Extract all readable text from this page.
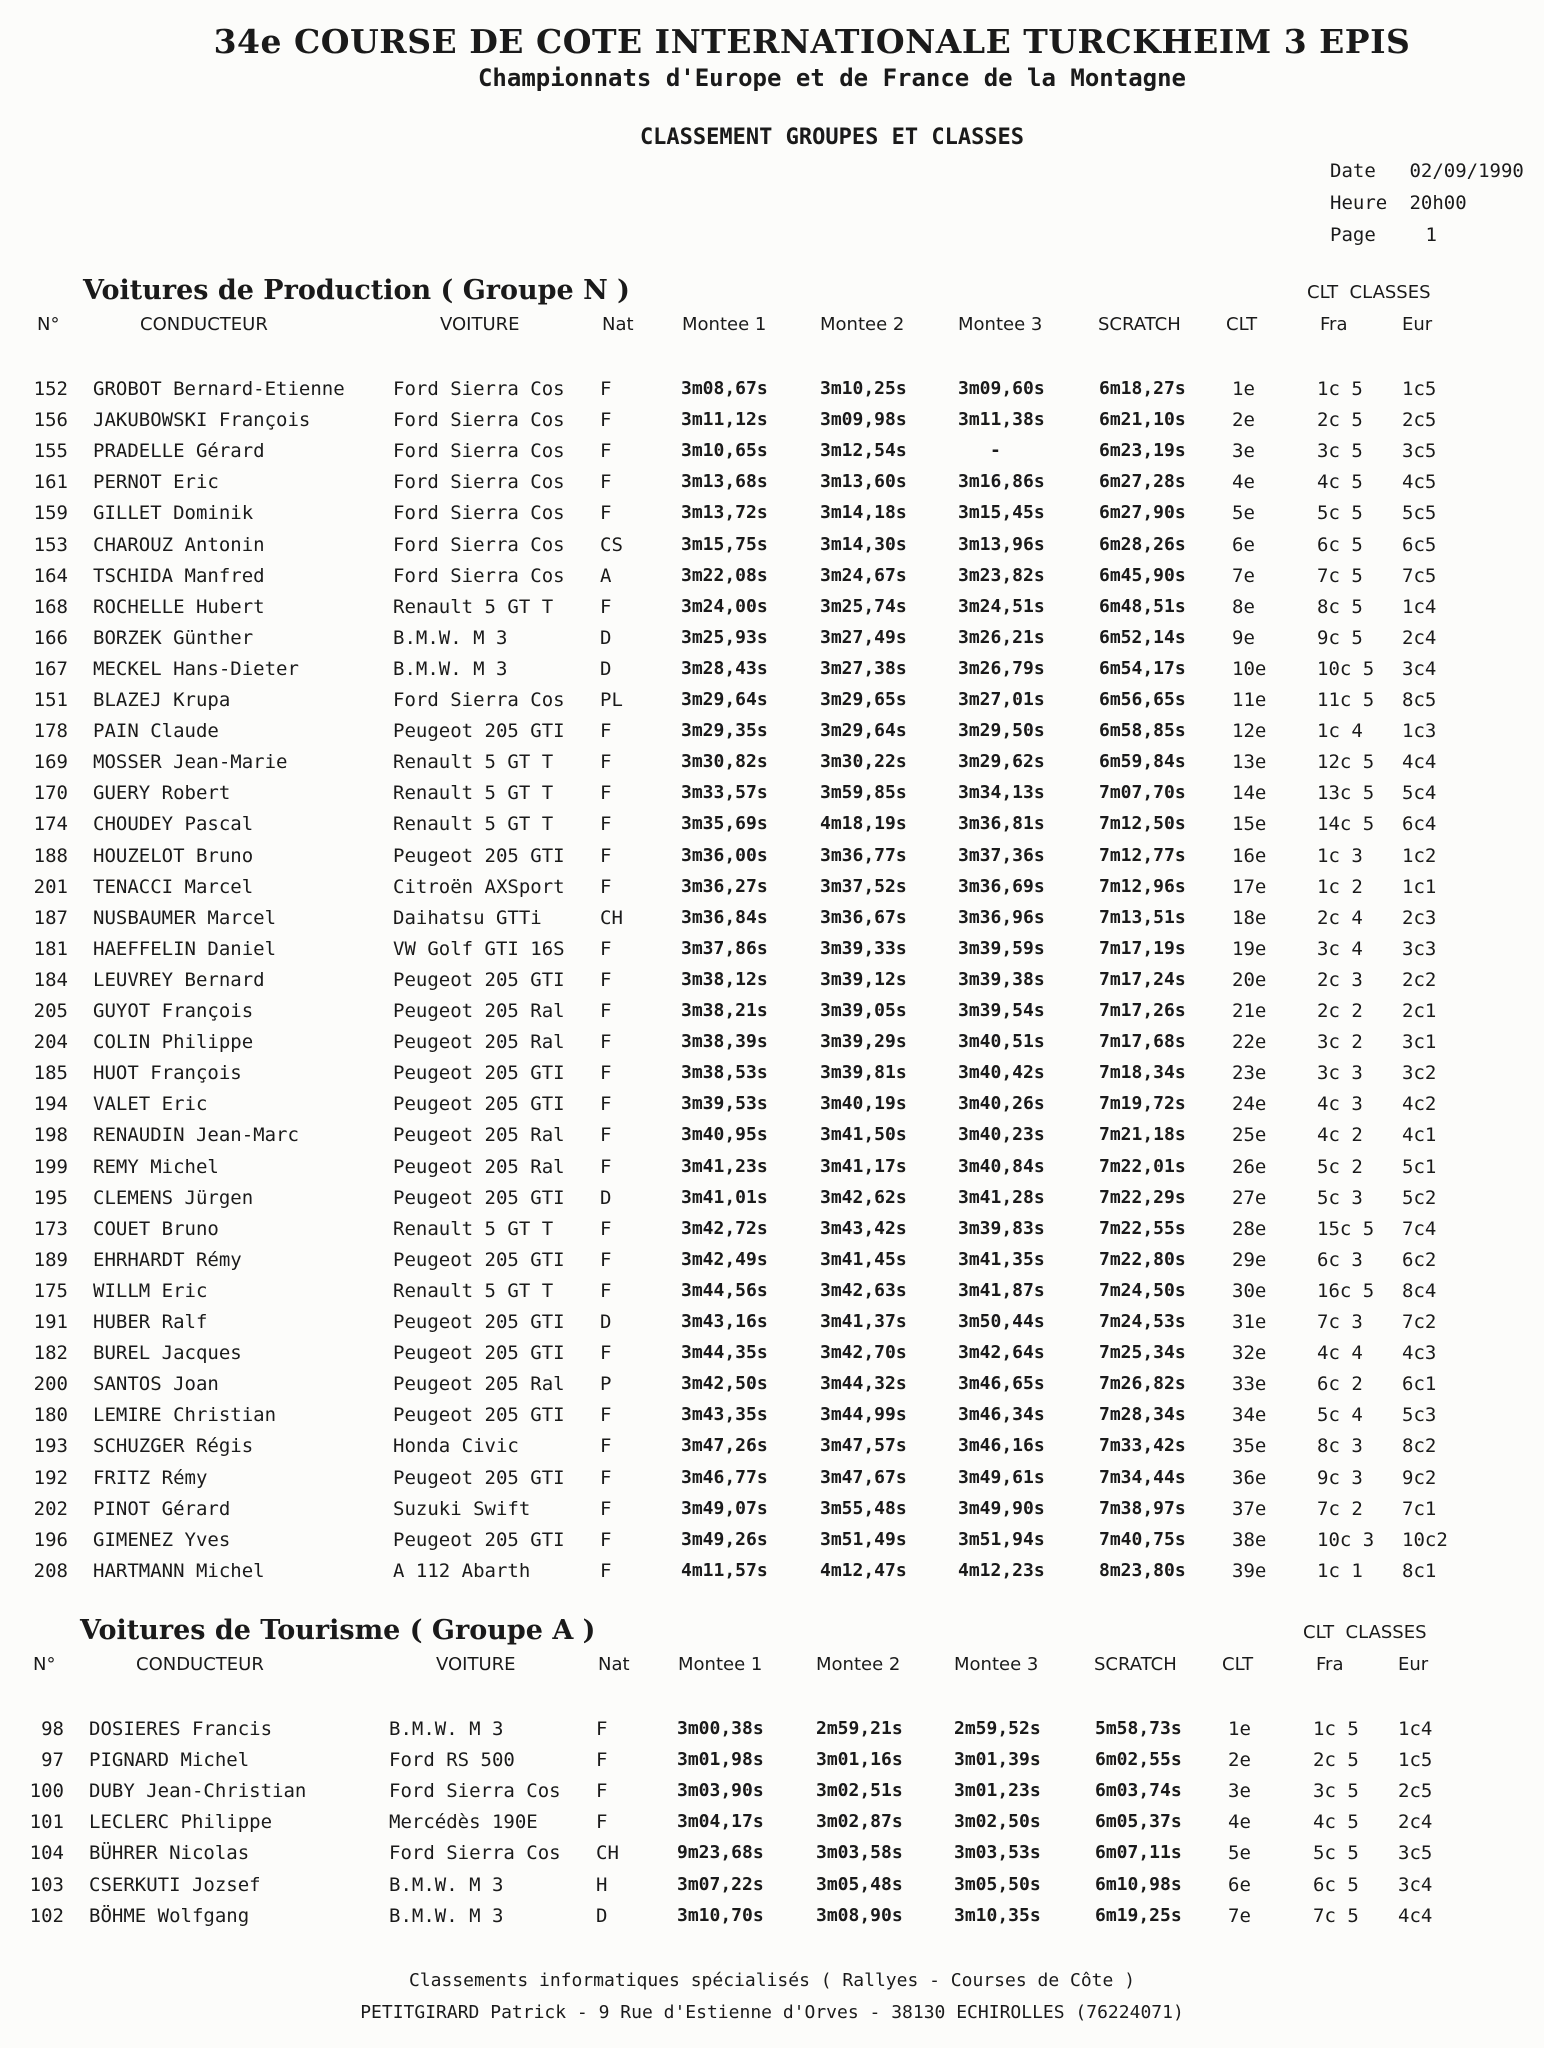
34e COURSE DE COTE INTERNATIONALE TURCKHEIM 3 EPIS
Championnats d'Europe et de France de la Montagne
CLASSEMENT GROUPES ET CLASSES
Date 02/09/1990
Heure 20h00
Page	1
Voitures de Production ( Groupe N )	CLT  CLASSES
N°	CONDUCTEUR	VOITURE	Nat	Montee 1	Montee 2	Montee 3	SCRATCH	CLT	Fra	Eur
152 GROBOT Bernard-Etienne	Ford Sierra Cos F	3m08,67s	3m10,25s	3m09,60s	6m18,27s 1e	1c 5 1c5
156 JAKUBOWSKI François	Ford Sierra Cos F	3m11,12s	3m09,98s	3m11,38s	6m21,10s 2e	2c 5 2c5
155 PRADELLE Gérard	Ford Sierra Cos F	3m10,65s	3m12,54s	-	6m23,19s 3e	3c 5 3c5
161 PERNOT Eric	Ford Sierra Cos F	3m13,68s	3m13,60s	3m16,86s	6m27,28s 4e	4c 5 4c5
159 GILLET Dominik	Ford Sierra Cos F	3m13,72s	3m14,18s	3m15,45s	6m27,90s 5e	5c 5 5c5
153 CHAROUZ Antonin	Ford Sierra Cos CS	3m15,75s	3m14,30s	3m13,96s	6m28,26s 6e	6c 5 6c5
164 TSCHIDA Manfred	Ford Sierra Cos A	3m22,08s	3m24,67s	3m23,82s	6m45,90s 7e	7c 5 7c5
168 ROCHELLE Hubert	Renault 5 GT T F	3m24,00s	3m25,74s	3m24,51s	6m48,51s 8e	8c 5 1c4
166 BORZEK Günther	B.M.W. M 3	D	3m25,93s	3m27,49s	3m26,21s	6m52,14s 9e	9c 5 2c4
167 MECKEL Hans-Dieter	B.M.W. M 3	D	3m28,43s	3m27,38s	3m26,79s	6m54,17s 10e	10c 5 3c4
151 BLAZEJ Krupa	Ford Sierra Cos PL	3m29,64s	3m29,65s	3m27,01s	6m56,65s 11e	11c 5 8c5
178 PAIN Claude	Peugeot 205 GTI F	3m29,35s	3m29,64s	3m29,50s	6m58,85s 12e	1c 4 1c3
169 MOSSER Jean-Marie	Renault 5 GT T F	3m30,82s	3m30,22s	3m29,62s	6m59,84s 13e	12c 5 4c4
170 GUERY Robert	Renault 5 GT T F	3m33,57s	3m59,85s	3m34,13s	7m07,70s 14e	13c 5 5c4
174 CHOUDEY Pascal	Renault 5 GT T F	3m35,69s	4m18,19s	3m36,81s	7m12,50s 15e	14c 5 6c4
188 HOUZELOT Bruno	Peugeot 205 GTI F	3m36,00s	3m36,77s	3m37,36s	7m12,77s 16e	1c 3 1c2
201 TENACCI Marcel	Citroën AXSport F	3m36,27s	3m37,52s	3m36,69s	7m12,96s 17e	1c 2 1c1
187 NUSBAUMER Marcel	Daihatsu GTTi	CH	3m36,84s	3m36,67s	3m36,96s	7m13,51s 18e	2c 4 2c3
181 HAEFFELIN Daniel	VW Golf GTI 16S F	3m37,86s	3m39,33s	3m39,59s	7m17,19s 19e	3c 4 3c3
184 LEUVREY Bernard	Peugeot 205 GTI F	3m38,12s	3m39,12s	3m39,38s	7m17,24s 20e	2c 3 2c2
205 GUYOT François	Peugeot 205 Ral F	3m38,21s	3m39,05s	3m39,54s	7m17,26s 21e	2c 2 2c1
204 COLIN Philippe	Peugeot 205 Ral F	3m38,39s	3m39,29s	3m40,51s	7m17,68s 22e	3c 2 3c1
185 HUOT François	Peugeot 205 GTI F	3m38,53s	3m39,81s	3m40,42s	7m18,34s 23e	3c 3 3c2
194 VALET Eric	Peugeot 205 GTI F	3m39,53s	3m40,19s	3m40,26s	7m19,72s 24e	4c 3 4c2
198 RENAUDIN Jean-Marc	Peugeot 205 Ral F	3m40,95s	3m41,50s	3m40,23s	7m21,18s 25e	4c 2 4c1
199 REMY Michel	Peugeot 205 Ral F	3m41,23s	3m41,17s	3m40,84s	7m22,01s 26e	5c 2 5c1
195 CLEMENS Jürgen	Peugeot 205 GTI D	3m41,01s	3m42,62s	3m41,28s	7m22,29s 27e	5c 3 5c2
173 COUET Bruno	Renault 5 GT T F	3m42,72s	3m43,42s	3m39,83s	7m22,55s 28e	15c 5 7c4
189 EHRHARDT Rémy	Peugeot 205 GTI F	3m42,49s	3m41,45s	3m41,35s	7m22,80s 29e	6c 3 6c2
175 WILLM Eric	Renault 5 GT T F	3m44,56s	3m42,63s	3m41,87s	7m24,50s 30e	16c 5 8c4
191 HUBER Ralf	Peugeot 205 GTI D	3m43,16s	3m41,37s	3m50,44s	7m24,53s 31e	7c 3 7c2
182 BUREL Jacques	Peugeot 205 GTI F	3m44,35s	3m42,70s	3m42,64s	7m25,34s 32e	4c 4 4c3
200 SANTOS Joan	Peugeot 205 Ral P	3m42,50s	3m44,32s	3m46,65s	7m26,82s 33e	6c 2 6c1
180 LEMIRE Christian	Peugeot 205 GTI F	3m43,35s	3m44,99s	3m46,34s	7m28,34s 34e	5c 4 5c3
193 SCHUZGER Régis	Honda Civic	F	3m47,26s	3m47,57s	3m46,16s	7m33,42s 35e	8c 3 8c2
192 FRITZ Rémy	Peugeot 205 GTI F	3m46,77s	3m47,67s	3m49,61s	7m34,44s 36e	9c 3 9c2
202 PINOT Gérard	Suzuki Swift	F	3m49,07s	3m55,48s	3m49,90s	7m38,97s 37e	7c 2 7c1
196 GIMENEZ Yves	Peugeot 205 GTI F	3m49,26s	3m51,49s	3m51,94s	7m40,75s 38e	10c 3 10c2
208 HARTMANN Michel	A 112 Abarth	F	4m11,57s	4m12,47s	4m12,23s	8m23,80s 39e	1c 1 8c1
Voitures de Tourisme ( Groupe A )	CLT  CLASSES
N°	CONDUCTEUR	VOITURE	Nat	Montee 1	Montee 2	Montee 3	SCRATCH	CLT	Fra	Eur
98 DOSIERES Francis	B.M.W. M 3	F	3m00,38s	2m59,21s	2m59,52s	5m58,73s 1e	1c 5 1c4
97 PIGNARD Michel	Ford RS 500	F	3m01,98s	3m01,16s	3m01,39s	6m02,55s 2e	2c 5 1c5
100 DUBY Jean-Christian	Ford Sierra Cos F	3m03,90s	3m02,51s	3m01,23s	6m03,74s 3e	3c 5 2c5
101 LECLERC Philippe	Mercédès 190E	F	3m04,17s	3m02,87s	3m02,50s	6m05,37s 4e	4c 5 2c4
104 BÜHRER Nicolas	Ford Sierra Cos CH	9m23,68s	3m03,58s	3m03,53s	6m07,11s 5e	5c 5 3c5
103 CSERKUTI Jozsef	B.M.W. M 3	H	3m07,22s	3m05,48s	3m05,50s	6m10,98s 6e	6c 5 3c4
102 BÖHME Wolfgang	B.M.W. M 3	D	3m10,70s	3m08,90s	3m10,35s	6m19,25s 7e	7c 5 4c4
Classements informatiques spécialisés ( Rallyes - Courses de Côte )
PETITGIRARD Patrick - 9 Rue d'Estienne d'Orves - 38130 ECHIROLLES (76224071)
